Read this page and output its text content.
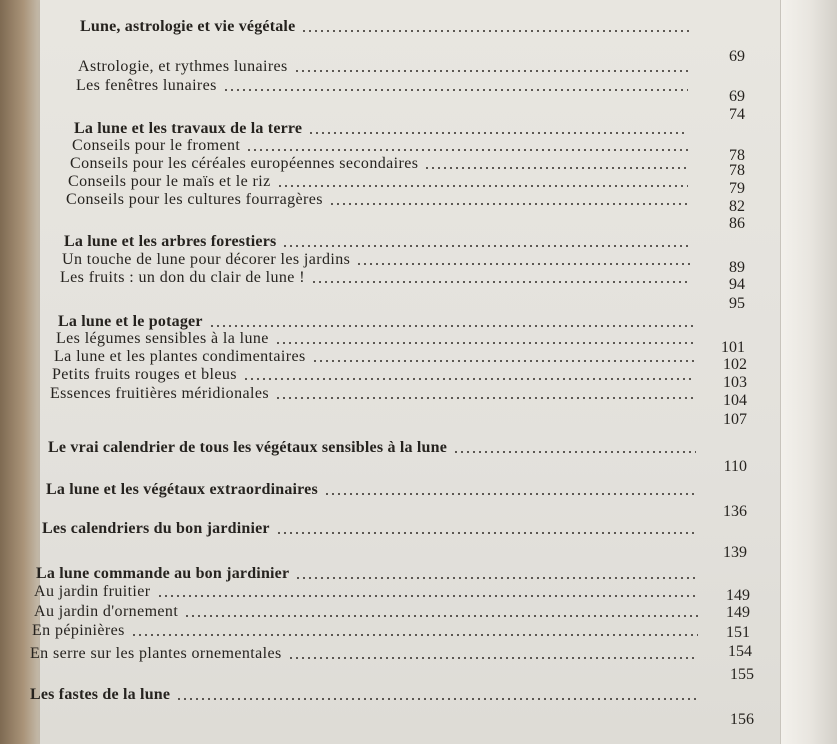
Lune, astrologie et vie végétale
69
Astrologie, et rythmes lunaires
69
Les fenêtres lunaires
74
La lune et les travaux de la terre
78
Conseils pour le froment
78
Conseils pour les céréales européennes secondaires
79
Conseils pour le maïs et le riz
82
Conseils pour les cultures fourragères
86
La lune et les arbres forestiers
89
Un touche de lune pour décorer les jardins
94
Les fruits : un don du clair de lune !
95
La lune et le potager
101
Les légumes sensibles à la lune
102
La lune et les plantes condimentaires
103
Petits fruits rouges et bleus
104
Essences fruitières méridionales
107
Le vrai calendrier de tous les végétaux sensibles à la lune
110
La lune et les végétaux extraordinaires
136
Les calendriers du bon jardinier
139
La lune commande au bon jardinier
149
Au jardin fruitier
149
Au jardin d'ornement
151
En pépinières
154
En serre sur les plantes ornementales
155
Les fastes de la lune
156
